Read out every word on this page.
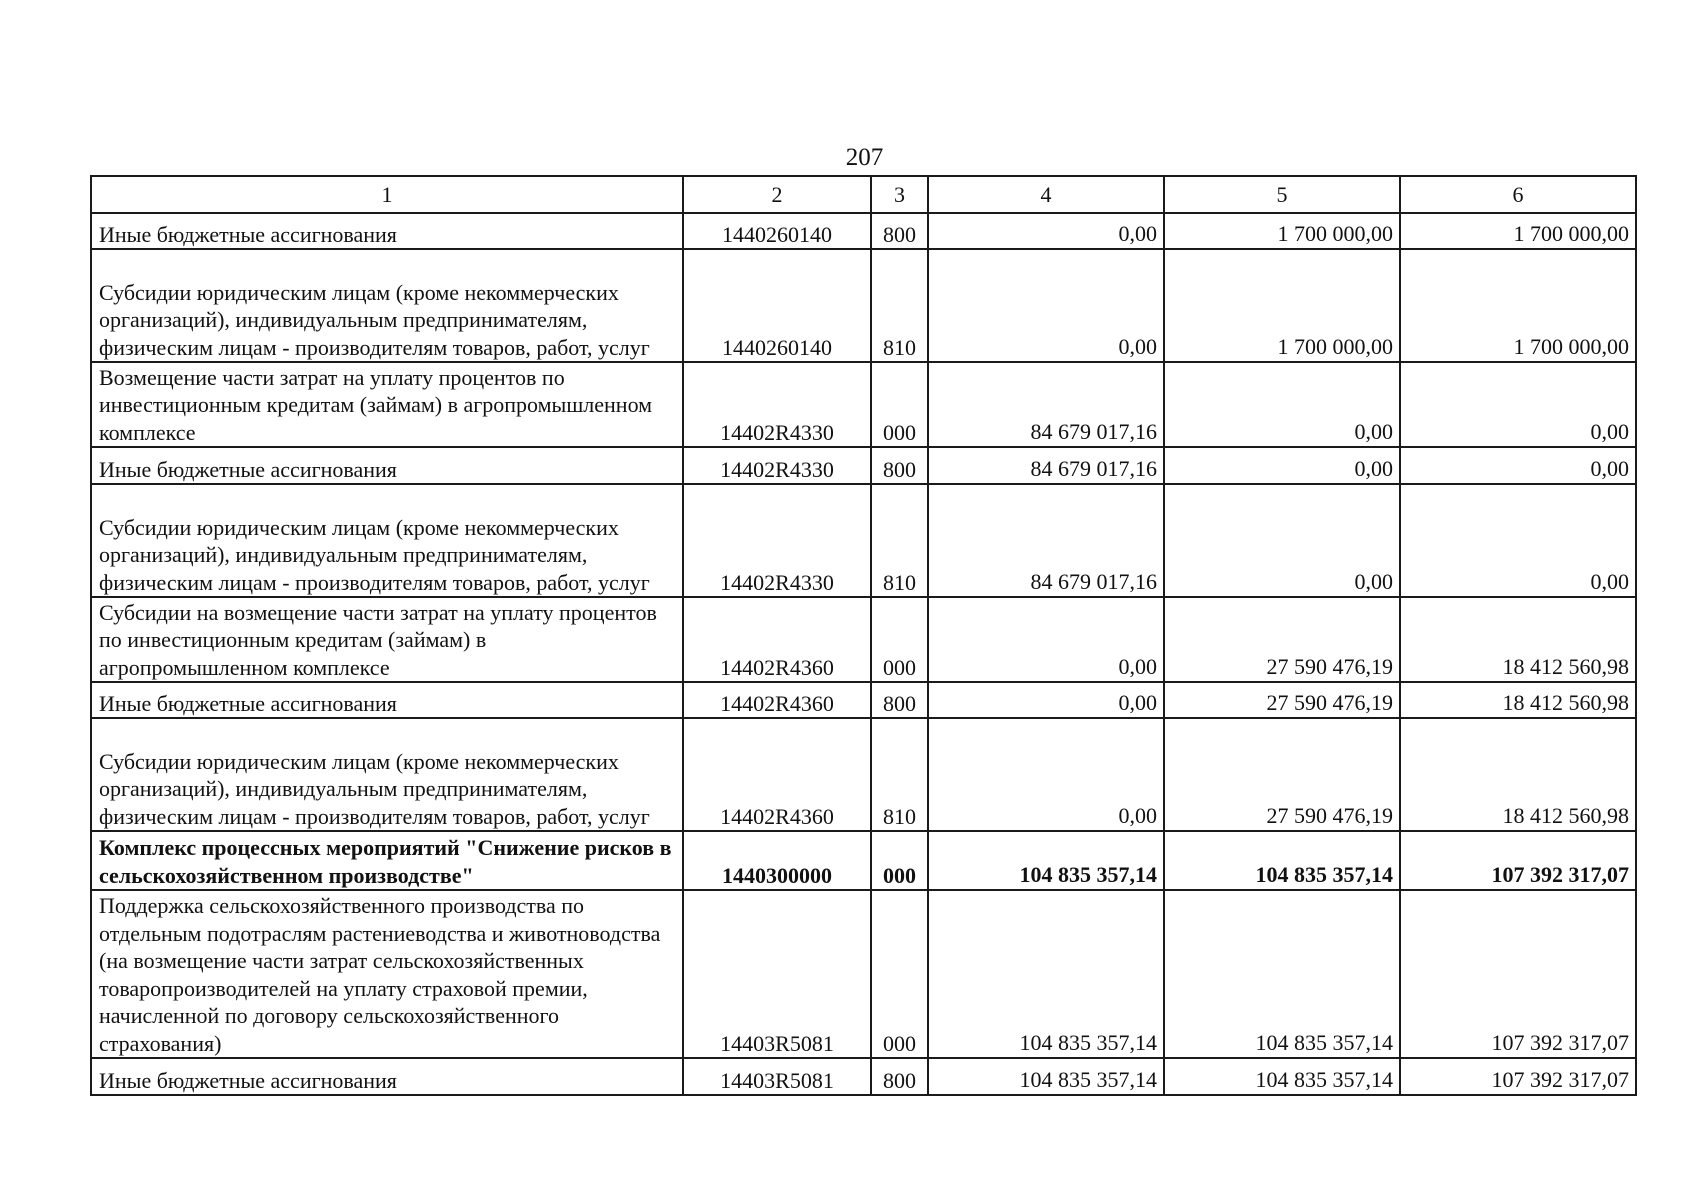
207
1	2	3	4	5	6
Иные бюджетные ассигнования	1440260140	800	0,00	1 700 000,00	1 700 000,00
Субсидии юридическим лицам (кроме некоммерческих организаций), индивидуальным предпринимателям, физическим лицам - производителям товаров, работ, услуг	1440260140	810	0,00	1 700 000,00	1 700 000,00
Возмещение части затрат на уплату процентов по инвестиционным кредитам (займам) в агропромышленном комплексе	14402R4330	000	84 679 017,16	0,00	0,00
Иные бюджетные ассигнования	14402R4330	800	84 679 017,16	0,00	0,00
Субсидии юридическим лицам (кроме некоммерческих организаций), индивидуальным предпринимателям, физическим лицам - производителям товаров, работ, услуг	14402R4330	810	84 679 017,16	0,00	0,00
Субсидии на возмещение части затрат на уплату процентов по инвестиционным кредитам (займам) в агропромышленном комплексе	14402R4360	000	0,00	27 590 476,19	18 412 560,98
Иные бюджетные ассигнования	14402R4360	800	0,00	27 590 476,19	18 412 560,98
Субсидии юридическим лицам (кроме некоммерческих организаций), индивидуальным предпринимателям, физическим лицам - производителям товаров, работ, услуг	14402R4360	810	0,00	27 590 476,19	18 412 560,98
Комплекс процессных мероприятий "Снижение рисков в сельскохозяйственном производстве"	1440300000	000	104 835 357,14	104 835 357,14	107 392 317,07
Поддержка сельскохозяйственного производства по отдельным подотраслям растениеводства и животноводства (на возмещение части затрат сельскохозяйственных товаропроизводителей на уплату страховой премии, начисленной по договору сельскохозяйственного страхования)	14403R5081	000	104 835 357,14	104 835 357,14	107 392 317,07
Иные бюджетные ассигнования	14403R5081	800	104 835 357,14	104 835 357,14	107 392 317,07
